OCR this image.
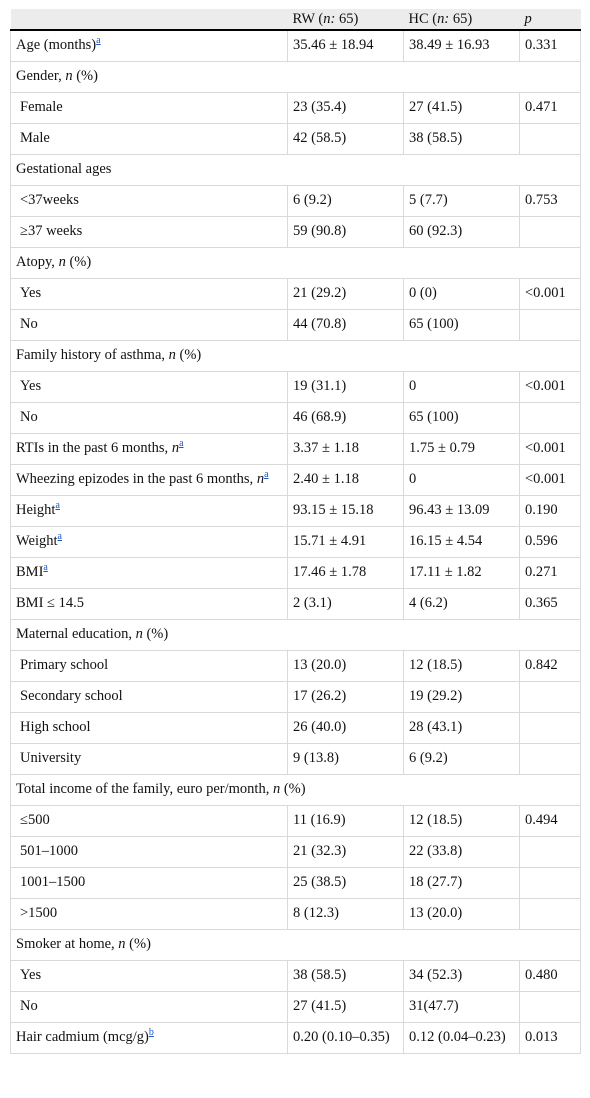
	RW (n: 65)	HC (n: 65)	p
Age (months)$^a$	35.46 ± 18.94	38.49 ± 16.93	0.331
Gender, n (%)			
Female	23 (35.4)	27 (41.5)	0.471
Male	42 (58.5)	38 (58.5)	
Gestational ages			
<37weeks	6 (9.2)	5 (7.7)	0.753
≥37 weeks	59 (90.8)	60 (92.3)	
Atopy, n (%)			
Yes	21 (29.2)	0 (0)	<0.001
No	44 (70.8)	65 (100)	
Family history of asthma, n (%)			
Yes	19 (31.1)	0	<0.001
No	46 (68.9)	65 (100)	
RTIs in the past 6 months, n$^a$	3.37 ± 1.18	1.75 ± 0.79	<0.001
Wheezing epizodes in the past 6 months, n$^a$	2.40 ± 1.18	0	<0.001
Height$^a$	93.15 ± 15.18	96.43 ± 13.09	0.190
Weight$^a$	15.71 ± 4.91	16.15 ± 4.54	0.596
BMI$^a$	17.46 ± 1.78	17.11 ± 1.82	0.271
BMI ≤ 14.5	2 (3.1)	4 (6.2)	0.365
Maternal education, n (%)			
Primary school	13 (20.0)	12 (18.5)	0.842
Secondary school	17 (26.2)	19 (29.2)	
High school	26 (40.0)	28 (43.1)	
University	9 (13.8)	6 (9.2)	
Total income of the family, euro per/month, n (%)			
≤500	11 (16.9)	12 (18.5)	0.494
501–1000	21 (32.3)	22 (33.8)	
1001–1500	25 (38.5)	18 (27.7)	
>1500	8 (12.3)	13 (20.0)	
Smoker at home, n (%)			
Yes	38 (58.5)	34 (52.3)	0.480
No	27 (41.5)	31(47.7)	
Hair cadmium (mcg/g)$^b$	0.20 (0.10–0.35)	0.12 (0.04–0.23)	0.013
